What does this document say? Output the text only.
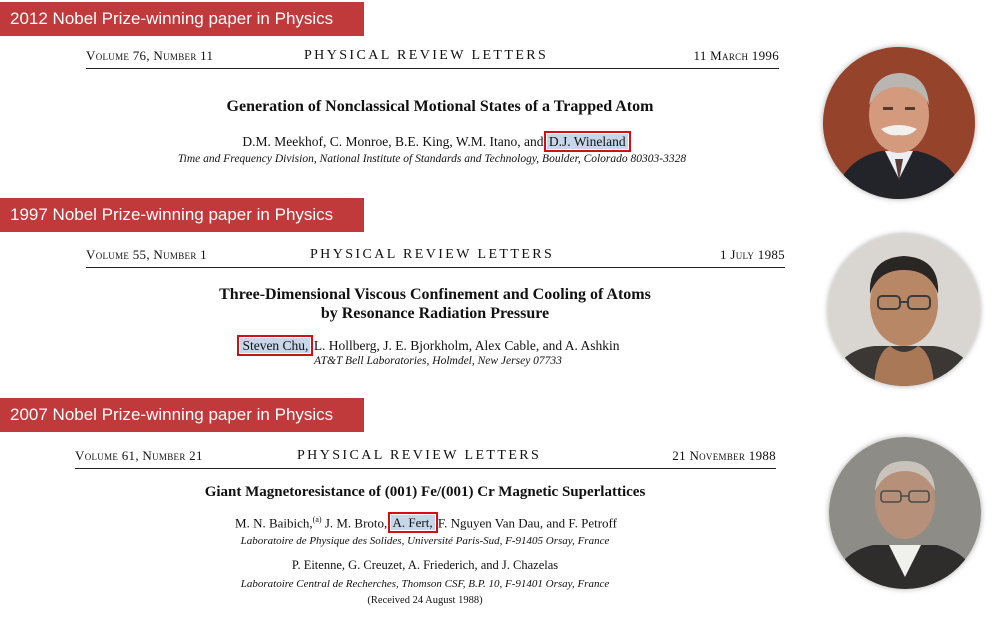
2012 Nobel Prize-winning paper in Physics
Volume 76, Number 11	PHYSICAL REVIEW LETTERS	11 March 1996
Generation of Nonclassical Motional States of a Trapped Atom
D.M. Meekhof, C. Monroe, B.E. King, W.M. Itano, and D.J. Wineland
Time and Frequency Division, National Institute of Standards and Technology, Boulder, Colorado 80303-3328
1997 Nobel Prize-winning paper in Physics
Volume 55, Number 1	PHYSICAL REVIEW LETTERS	1 July 1985
Three-Dimensional Viscous Confinement and Cooling of Atoms
by Resonance Radiation Pressure
Steven Chu, L. Hollberg, J. E. Bjorkholm, Alex Cable, and A. Ashkin
AT&T Bell Laboratories, Holmdel, New Jersey 07733
2007 Nobel Prize-winning paper in Physics
Volume 61, Number 21	PHYSICAL REVIEW LETTERS	21 November 1988
Giant Magnetoresistance of (001) Fe/(001) Cr Magnetic Superlattices
M. N. Baibich,$^{(a)}$ J. M. Broto, A. Fert, F. Nguyen Van Dau, and F. Petroff
Laboratoire de Physique des Solides, Université Paris-Sud, F-91405 Orsay, France
P. Eitenne, G. Creuzet, A. Friederich, and J. Chazelas
Laboratoire Central de Recherches, Thomson CSF, B.P. 10, F-91401 Orsay, France
(Received 24 August 1988)
